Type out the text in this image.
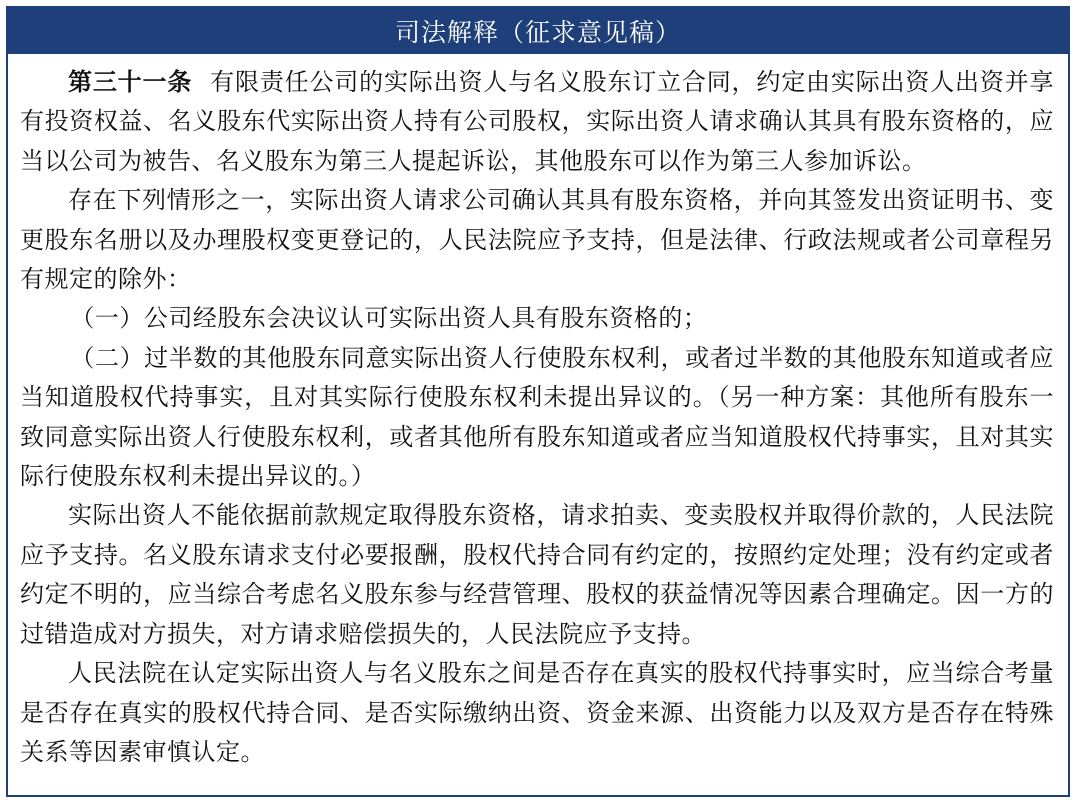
司法解释（征求意见稿）

第三十一条 有限责任公司的实际出资人与名义股东订立合同，约定由实际出资人出资并享有投资权益、名义股东代实际出资人持有公司股权，实际出资人请求确认其具有股东资格的，应当以公司为被告、名义股东为第三人提起诉讼，其他股东可以作为第三人参加诉讼。

存在下列情形之一，实际出资人请求公司确认其具有股东资格，并向其签发出资证明书、变更股东名册以及办理股权变更登记的，人民法院应予支持，但是法律、行政法规或者公司章程另有规定的除外：

（一）公司经股东会决议认可实际出资人具有股东资格的；

（二）过半数的其他股东同意实际出资人行使股东权利，或者过半数的其他股东知道或者应当知道股权代持事实，且对其实际行使股东权利未提出异议的。（另一种方案：其他所有股东一致同意实际出资人行使股东权利，或者其他所有股东知道或者应当知道股权代持事实，且对其实际行使股东权利未提出异议的。）

实际出资人不能依据前款规定取得股东资格，请求拍卖、变卖股权并取得价款的，人民法院应予支持。名义股东请求支付必要报酬，股权代持合同有约定的，按照约定处理；没有约定或者约定不明的，应当综合考虑名义股东参与经营管理、股权的获益情况等因素合理确定。因一方的过错造成对方损失，对方请求赔偿损失的，人民法院应予支持。

人民法院在认定实际出资人与名义股东之间是否存在真实的股权代持事实时，应当综合考量是否存在真实的股权代持合同、是否实际缴纳出资、资金来源、出资能力以及双方是否存在特殊关系等因素审慎认定。
